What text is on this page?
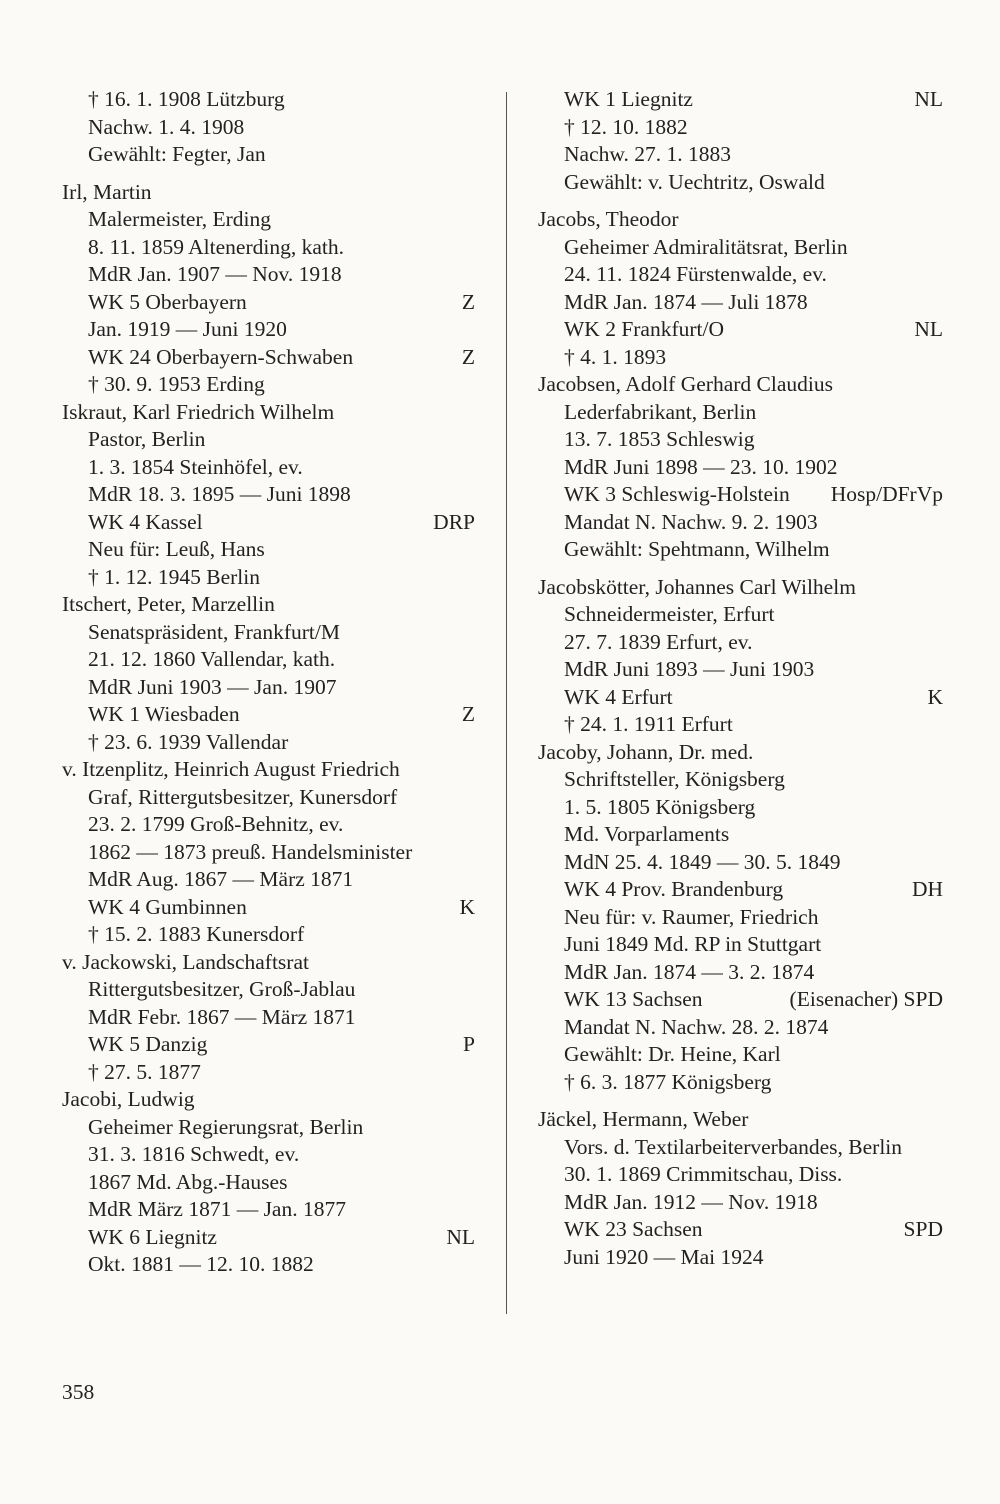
† 16. 1. 1908 Lützburg
Nachw. 1. 4. 1908
Gewählt: Fegter, Jan
Irl, Martin
Malermeister, Erding
8. 11. 1859 Altenerding, kath.
MdR Jan. 1907 — Nov. 1918
WK 5 Oberbayern	Z
Jan. 1919 — Juni 1920
WK 24 Oberbayern-Schwaben	Z
† 30. 9. 1953 Erding
Iskraut, Karl Friedrich Wilhelm
Pastor, Berlin
1. 3. 1854 Steinhöfel, ev.
MdR 18. 3. 1895 — Juni 1898
WK 4 Kassel	DRP
Neu für: Leuß, Hans
† 1. 12. 1945 Berlin
Itschert, Peter, Marzellin
Senatspräsident, Frankfurt/M
21. 12. 1860 Vallendar, kath.
MdR Juni 1903 — Jan. 1907
WK 1 Wiesbaden	Z
† 23. 6. 1939 Vallendar
v. Itzenplitz, Heinrich August Friedrich
Graf, Rittergutsbesitzer, Kunersdorf
23. 2. 1799 Groß-Behnitz, ev.
1862 — 1873 preuß. Handelsminister
MdR Aug. 1867 — März 1871
WK 4 Gumbinnen	K
† 15. 2. 1883 Kunersdorf
v. Jackowski, Landschaftsrat
Rittergutsbesitzer, Groß-Jablau
MdR Febr. 1867 — März 1871
WK 5 Danzig	P
† 27. 5. 1877
Jacobi, Ludwig
Geheimer Regierungsrat, Berlin
31. 3. 1816 Schwedt, ev.
1867 Md. Abg.-Hauses
MdR März 1871 — Jan. 1877
WK 6 Liegnitz	NL
Okt. 1881 — 12. 10. 1882
WK 1 Liegnitz	NL
† 12. 10. 1882
Nachw. 27. 1. 1883
Gewählt: v. Uechtritz, Oswald
Jacobs, Theodor
Geheimer Admiralitätsrat, Berlin
24. 11. 1824 Fürstenwalde, ev.
MdR Jan. 1874 — Juli 1878
WK 2 Frankfurt/O	NL
† 4. 1. 1893
Jacobsen, Adolf Gerhard Claudius
Lederfabrikant, Berlin
13. 7. 1853 Schleswig
MdR Juni 1898 — 23. 10. 1902
WK 3 Schleswig-Holstein Hosp/DFrVp
Mandat N. Nachw. 9. 2. 1903
Gewählt: Spehtmann, Wilhelm
Jacobskötter, Johannes Carl Wilhelm
Schneidermeister, Erfurt
27. 7. 1839 Erfurt, ev.
MdR Juni 1893 — Juni 1903
WK 4 Erfurt	K
† 24. 1. 1911 Erfurt
Jacoby, Johann, Dr. med.
Schriftsteller, Königsberg
1. 5. 1805 Königsberg
Md. Vorparlaments
MdN 25. 4. 1849 — 30. 5. 1849
WK 4 Prov. Brandenburg	DH
Neu für: v. Raumer, Friedrich
Juni 1849 Md. RP in Stuttgart
MdR Jan. 1874 — 3. 2. 1874
WK 13 Sachsen	(Eisenacher) SPD
Mandat N. Nachw. 28. 2. 1874
Gewählt: Dr. Heine, Karl
† 6. 3. 1877 Königsberg
Jäckel, Hermann, Weber
Vors. d. Textilarbeiterverbandes, Berlin
30. 1. 1869 Crimmitschau, Diss.
MdR Jan. 1912 — Nov. 1918
WK 23 Sachsen	SPD
Juni 1920 — Mai 1924
358
